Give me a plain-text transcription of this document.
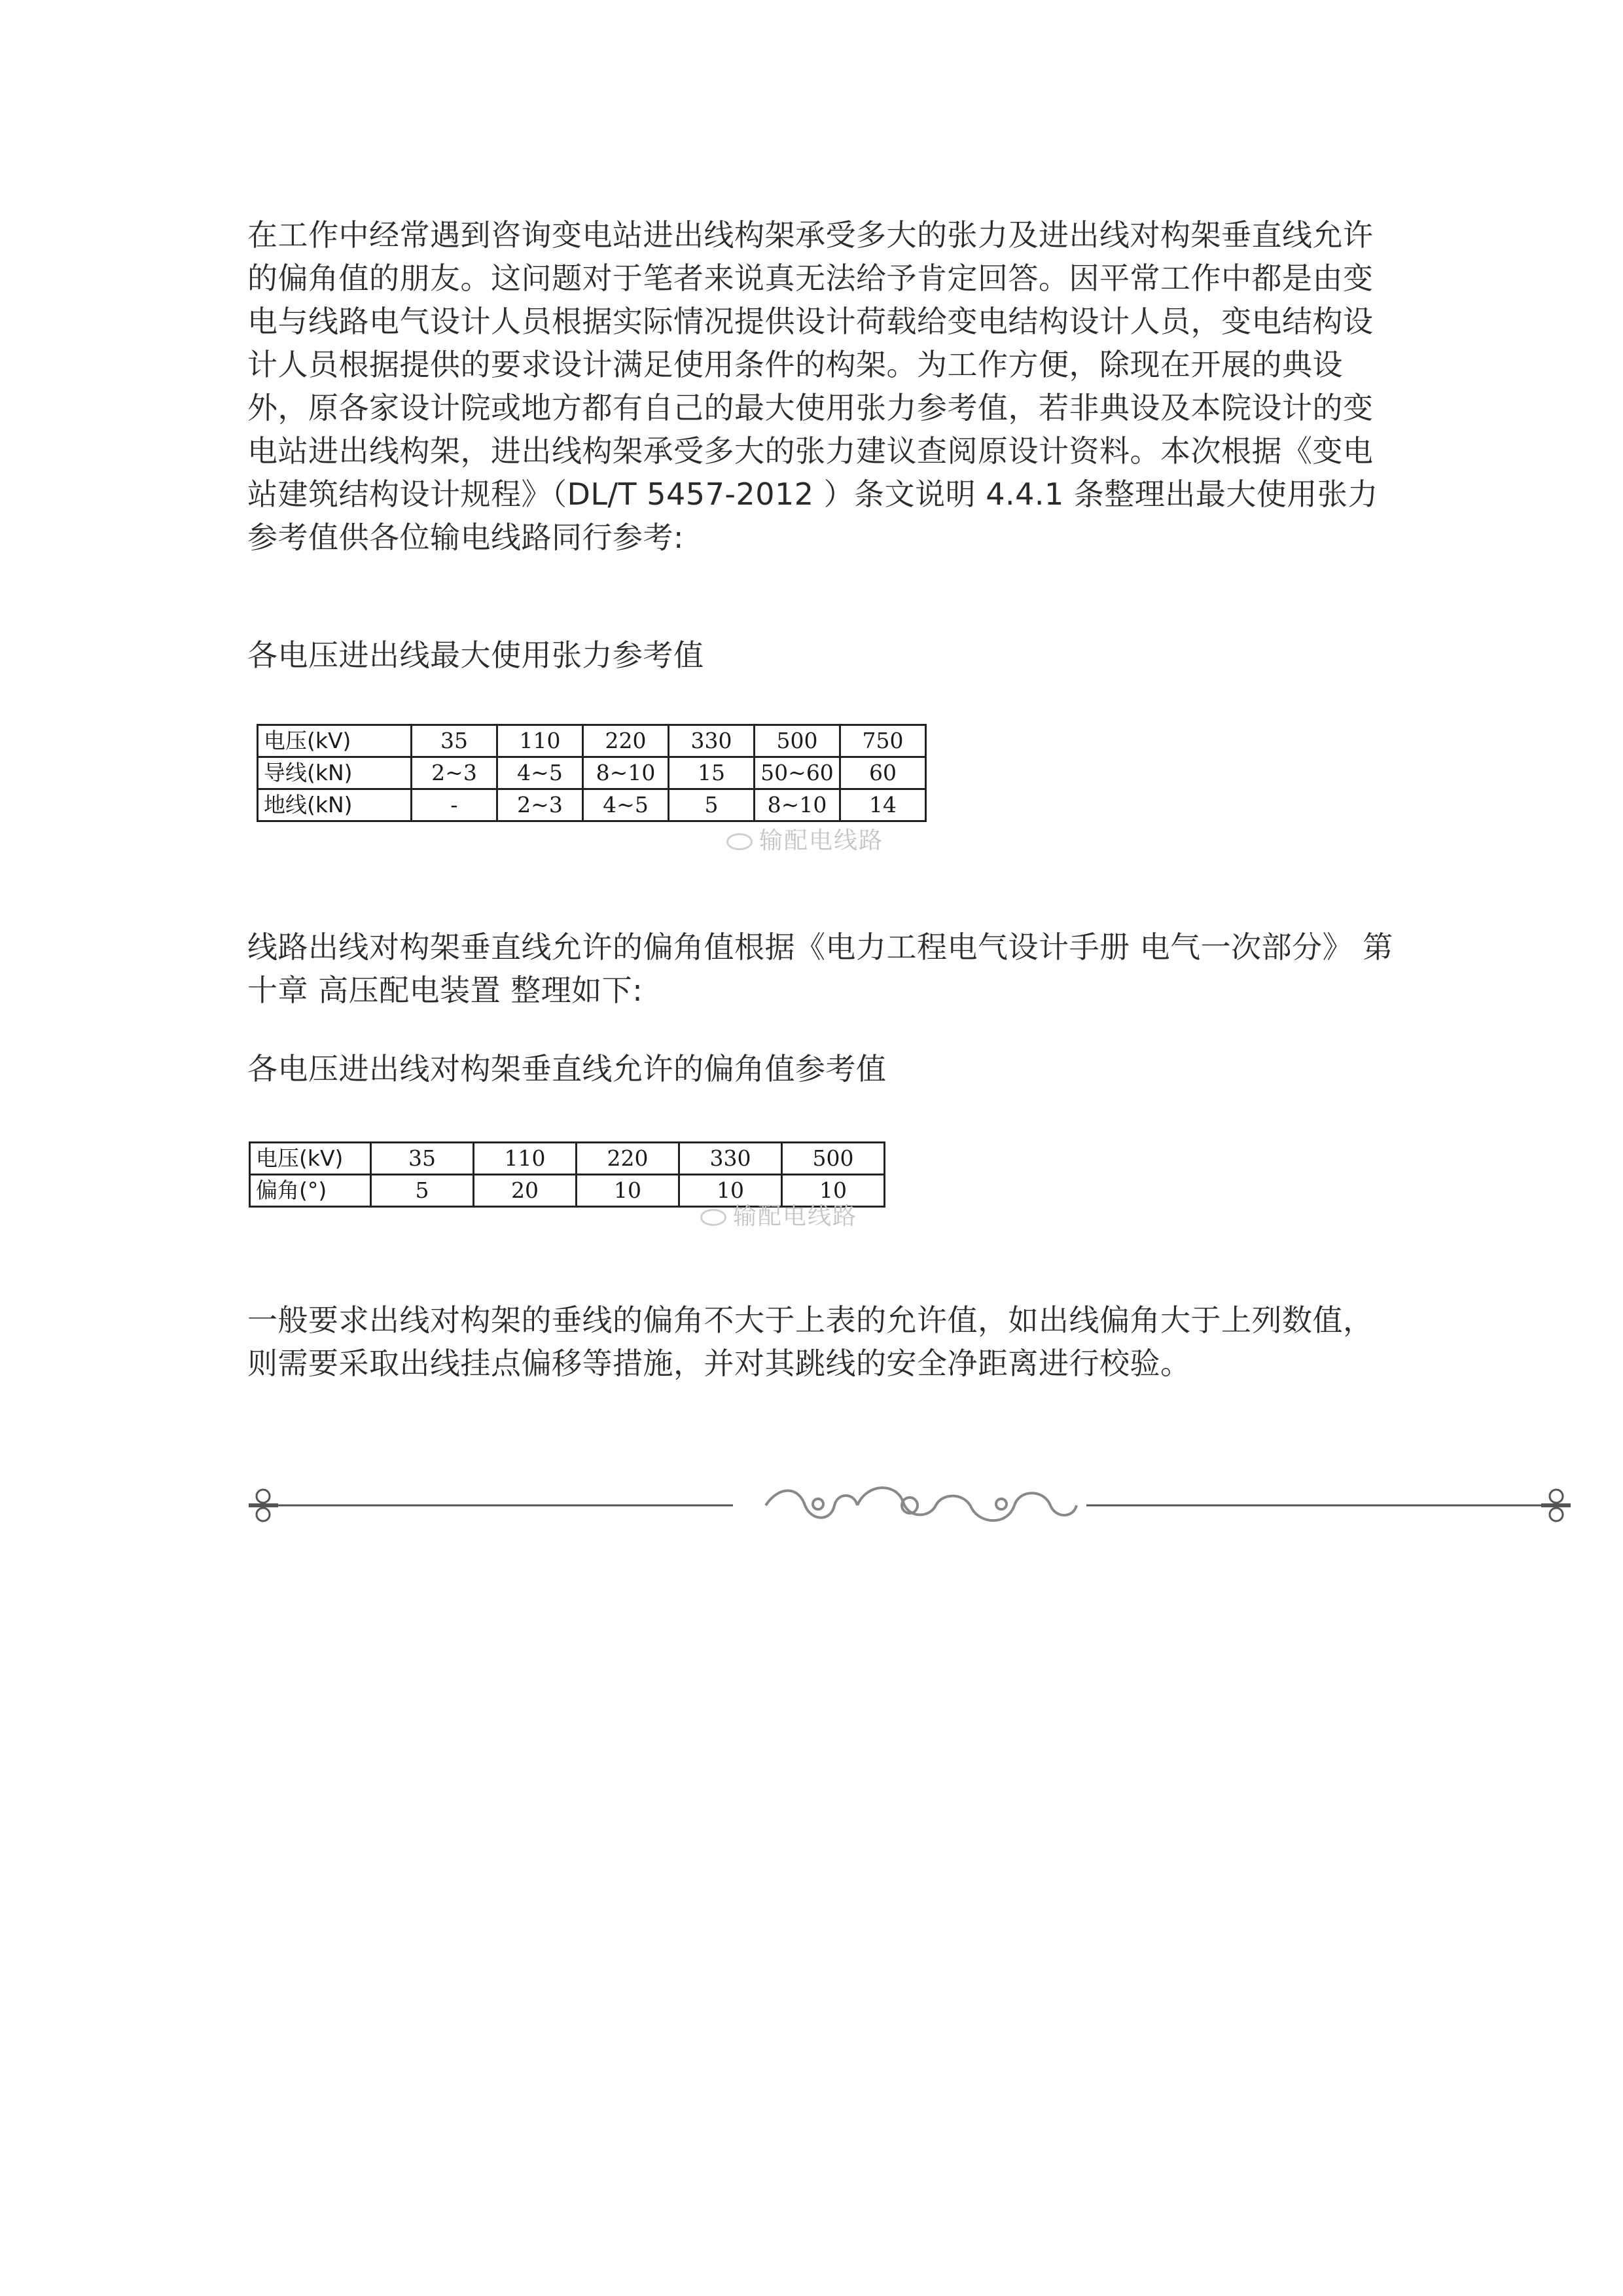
在工作中经常遇到咨询变电站进出线构架承受多大的张力及进出线对构架垂直线允许的偏角值的朋友。这问题对于笔者来说真无法给予肯定回答。因平常工作中都是由变电与线路电气设计人员根据实际情况提供设计荷载给变电结构设计人员，变电结构设计人员根据提供的要求设计满足使用条件的构架。为工作方便，除现在开展的典设外，原各家设计院或地方都有自己的最大使用张力参考值，若非典设及本院设计的变电站进出线构架，进出线构架承受多大的张力建议查阅原设计资料。本次根据《变电站建筑结构设计规程》（DL/T 5457-2012 ）条文说明 4.4.1 条整理出最大使用张力参考值供各位输电线路同行参考:

各电压进出线最大使用张力参考值

电压(kV)	35	110	220	330	500	750
导线(kN)	2~3	4~5	8~10	15	50~60	60
地线(kN)	-	2~3	4~5	5	8~10	14
输配电线路

线路出线对构架垂直线允许的偏角值根据《电力工程电气设计手册 电气一次部分》 第十章 高压配电装置 整理如下:

各电压进出线对构架垂直线允许的偏角值参考值

电压(kV)	35	110	220	330	500
偏角(°)	5	20	10	10	10
输配电线路

一般要求出线对构架的垂线的偏角不大于上表的允许值，如出线偏角大于上列数值，则需要采取出线挂点偏移等措施，并对其跳线的安全净距离进行校验。
